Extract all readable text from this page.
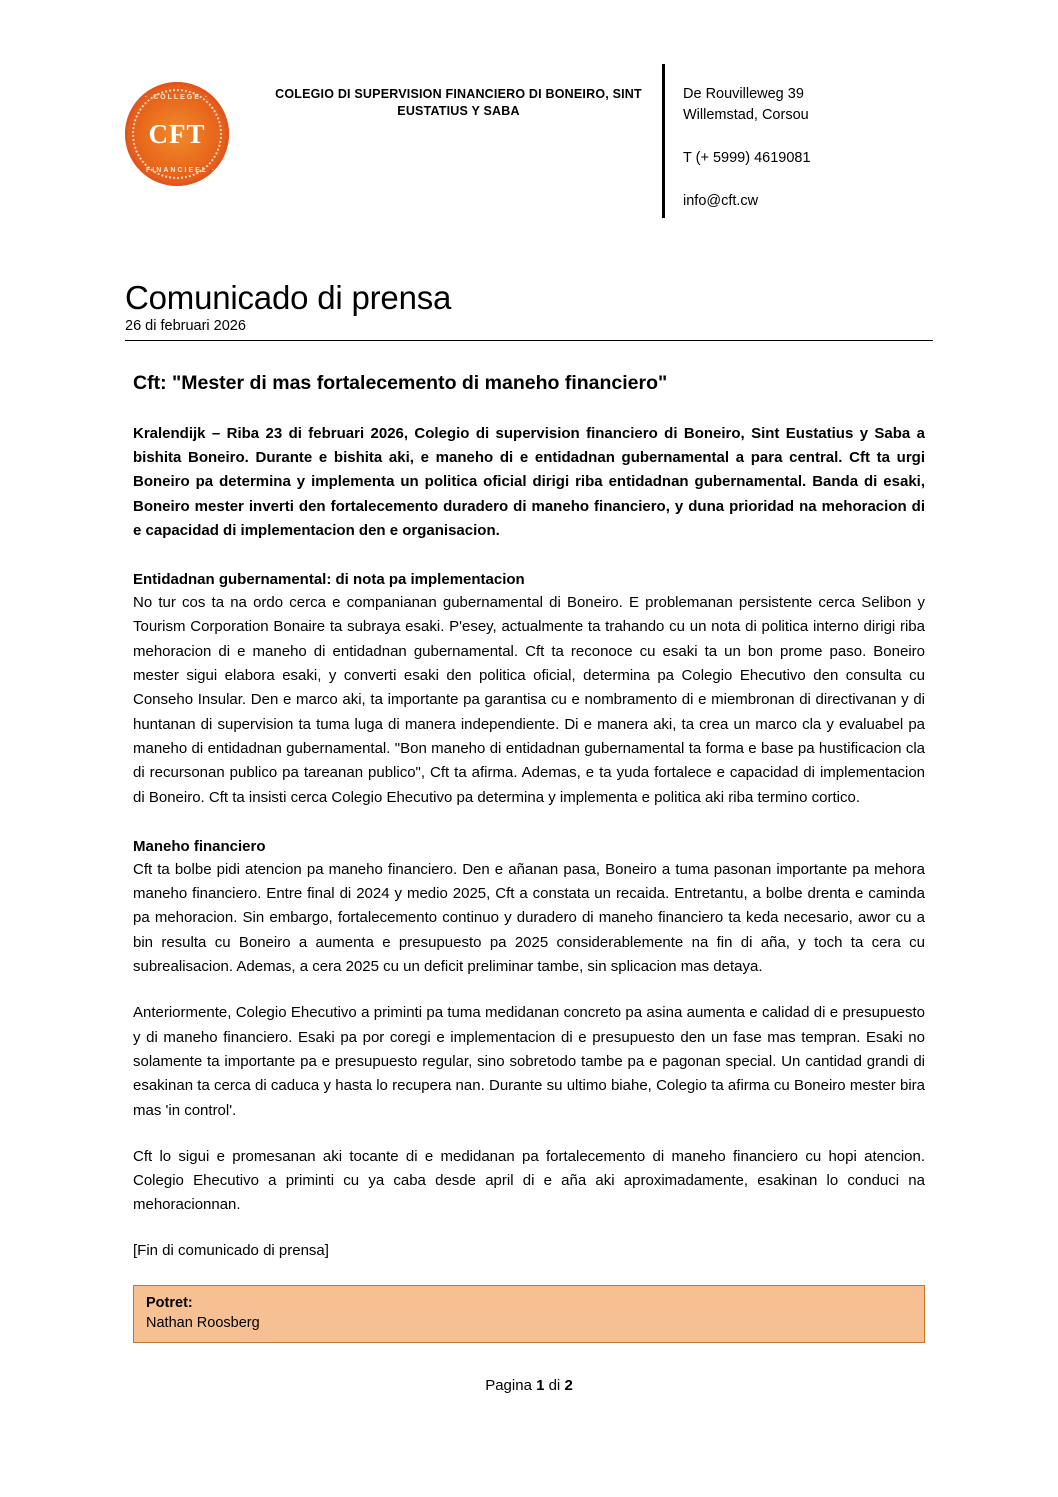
· COLLEGE ·
· FINANCIEEL ·
CFT
COLEGIO DI SUPERVISION FINANCIERO DI BONEIRO, SINT EUSTATIUS Y SABA
De Rouvilleweg 39
Willemstad, Corsou
T (+ 5999) 4619081
info@cft.cw
Comunicado di prensa
26 di februari 2026
Cft: "Mester di mas fortalecemento di maneho financiero"

Kralendijk – Riba 23 di februari 2026, Colegio di supervision financiero di Boneiro, Sint Eustatius y Saba a bishita Boneiro. Durante e bishita aki, e maneho di e entidadnan gubernamental a para central. Cft ta urgi Boneiro pa determina y implementa un politica oficial dirigi riba entidadnan gubernamental. Banda di esaki, Boneiro mester inverti den fortalecemento duradero di maneho financiero, y duna prioridad na mehoracion di e capacidad di implementacion den e organisacion.

Entidadnan gubernamental: di nota pa implementacion

No tur cos ta na ordo cerca e companianan gubernamental di Boneiro. E problemanan persistente cerca Selibon y Tourism Corporation Bonaire ta subraya esaki. P'esey, actualmente ta trahando cu un nota di politica interno dirigi riba mehoracion di e maneho di entidadnan gubernamental. Cft ta reconoce cu esaki ta un bon prome paso. Boneiro mester sigui elabora esaki, y converti esaki den politica oficial, determina pa Colegio Ehecutivo den consulta cu Conseho Insular. Den e marco aki, ta importante pa garantisa cu e nombramento di e miembronan di directivanan y di huntanan di supervision ta tuma luga di manera independiente. Di e manera aki, ta crea un marco cla y evaluabel pa maneho di entidadnan gubernamental. "Bon maneho di entidadnan gubernamental ta forma e base pa hustificacion cla di recursonan publico pa tareanan publico", Cft ta afirma. Ademas, e ta yuda fortalece e capacidad di implementacion di Boneiro. Cft ta insisti cerca Colegio Ehecutivo pa determina y implementa e politica aki riba termino cortico.

Maneho financiero

Cft ta bolbe pidi atencion pa maneho financiero. Den e añanan pasa, Boneiro a tuma pasonan importante pa mehora maneho financiero. Entre final di 2024 y medio 2025, Cft a constata un recaida. Entretantu, a bolbe drenta e caminda pa mehoracion. Sin embargo, fortalecemento continuo y duradero di maneho financiero ta keda necesario, awor cu a bin resulta cu Boneiro a aumenta e presupuesto pa 2025 considerablemente na fin di aña, y toch ta cera cu subrealisacion. Ademas, a cera 2025 cu un deficit preliminar tambe, sin splicacion mas detaya.

Anteriormente, Colegio Ehecutivo a priminti pa tuma medidanan concreto pa asina aumenta e calidad di e presupuesto y di maneho financiero. Esaki pa por coregi e implementacion di e presupuesto den un fase mas tempran. Esaki no solamente ta importante pa e presupuesto regular, sino sobretodo tambe pa e pagonan special. Un cantidad grandi di esakinan ta cerca di caduca y hasta lo recupera nan. Durante su ultimo biahe, Colegio ta afirma cu Boneiro mester bira mas 'in control'.

Cft lo sigui e promesanan aki tocante di e medidanan pa fortalecemento di maneho financiero cu hopi atencion. Colegio Ehecutivo a priminti cu ya caba desde april di e aña aki aproximadamente, esakinan lo conduci na mehoracionnan.

[Fin di comunicado di prensa]

Potret:
Nathan Roosberg
Pagina 1 di 2
